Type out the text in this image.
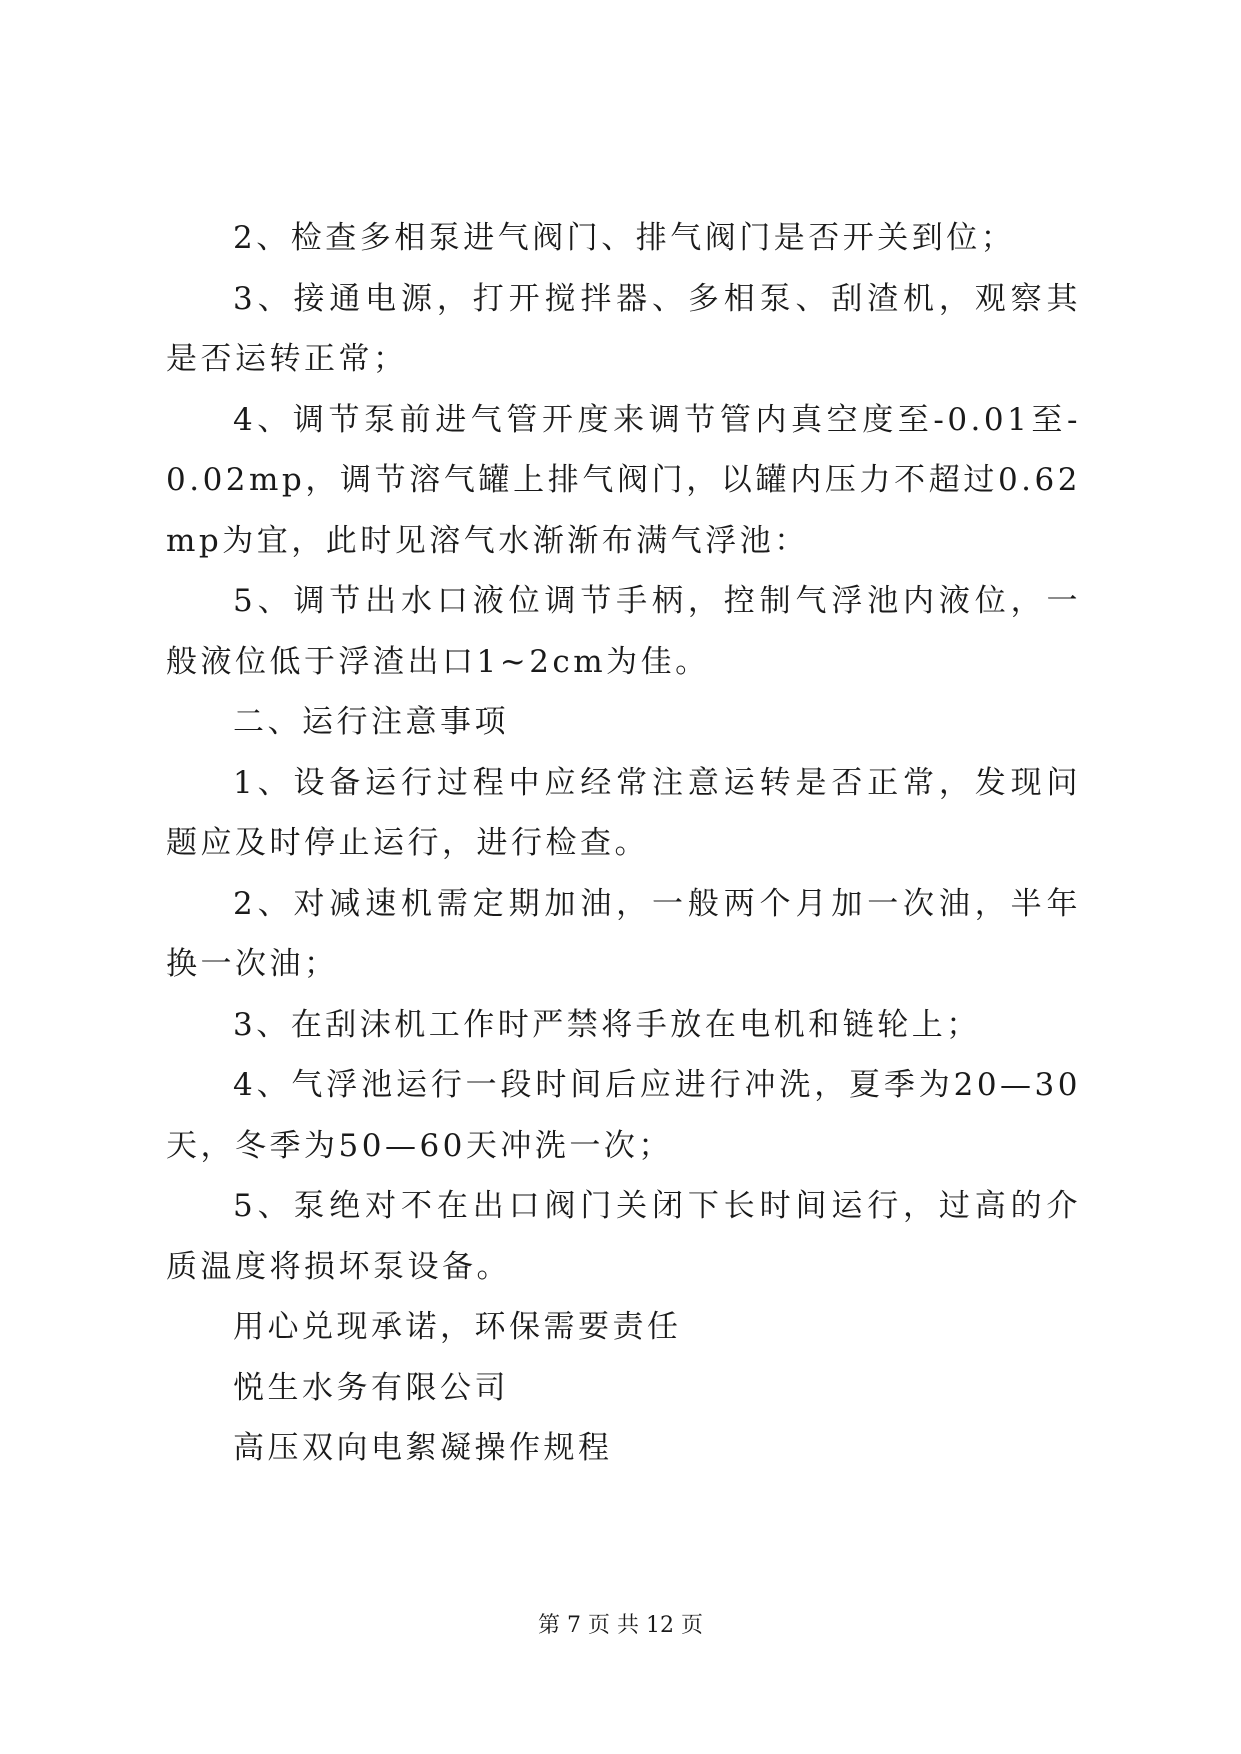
2、检查多相泵进气阀门、排气阀门是否开关到位；

3、接通电源，打开搅拌器、多相泵、刮渣机，观察其是否运转正常；

4、调节泵前进气管开度来调节管内真空度至-0.01至-0.02mp，调节溶气罐上排气阀门，以罐内压力不超过0.62mp为宜，此时见溶气水渐渐布满气浮池：

5、调节出水口液位调节手柄，控制气浮池内液位，一般液位低于浮渣出口1~2cm为佳。

二、运行注意事项

1、设备运行过程中应经常注意运转是否正常，发现问题应及时停止运行，进行检查。

2、对减速机需定期加油，一般两个月加一次油，半年换一次油；

3、在刮沫机工作时严禁将手放在电机和链轮上；

4、气浮池运行一段时间后应进行冲洗，夏季为20—30天，冬季为50—60天冲洗一次；

5、泵绝对不在出口阀门关闭下长时间运行，过高的介质温度将损坏泵设备。

用心兑现承诺，环保需要责任

悦生水务有限公司

高压双向电絮凝操作规程

第 7 页 共 12 页
